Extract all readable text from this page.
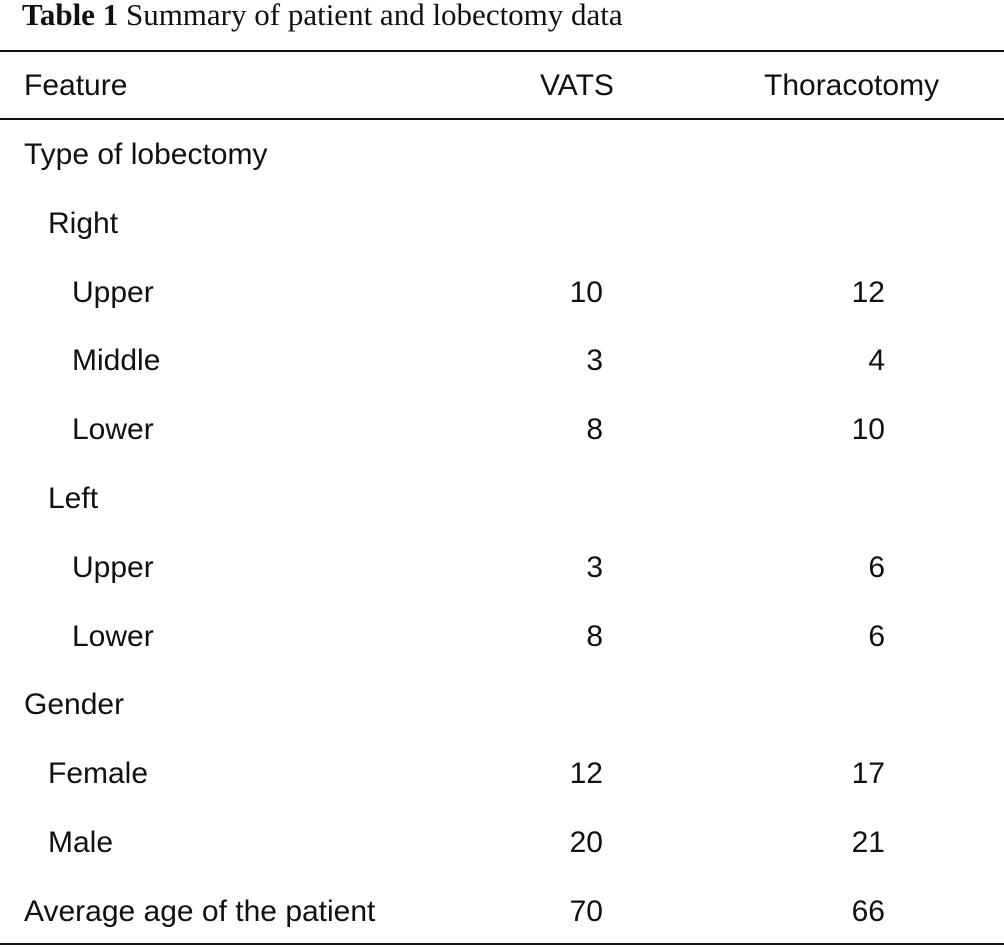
Table 1 Summary of patient and lobectomy data
Feature	VATS	Thoracotomy
Type of lobectomy
Right
Upper	10	12
Middle	3	4
Lower	8	10
Left
Upper	3	6
Lower	8	6
Gender
Female	12	17
Male	20	21
Average age of the patient	70	66
